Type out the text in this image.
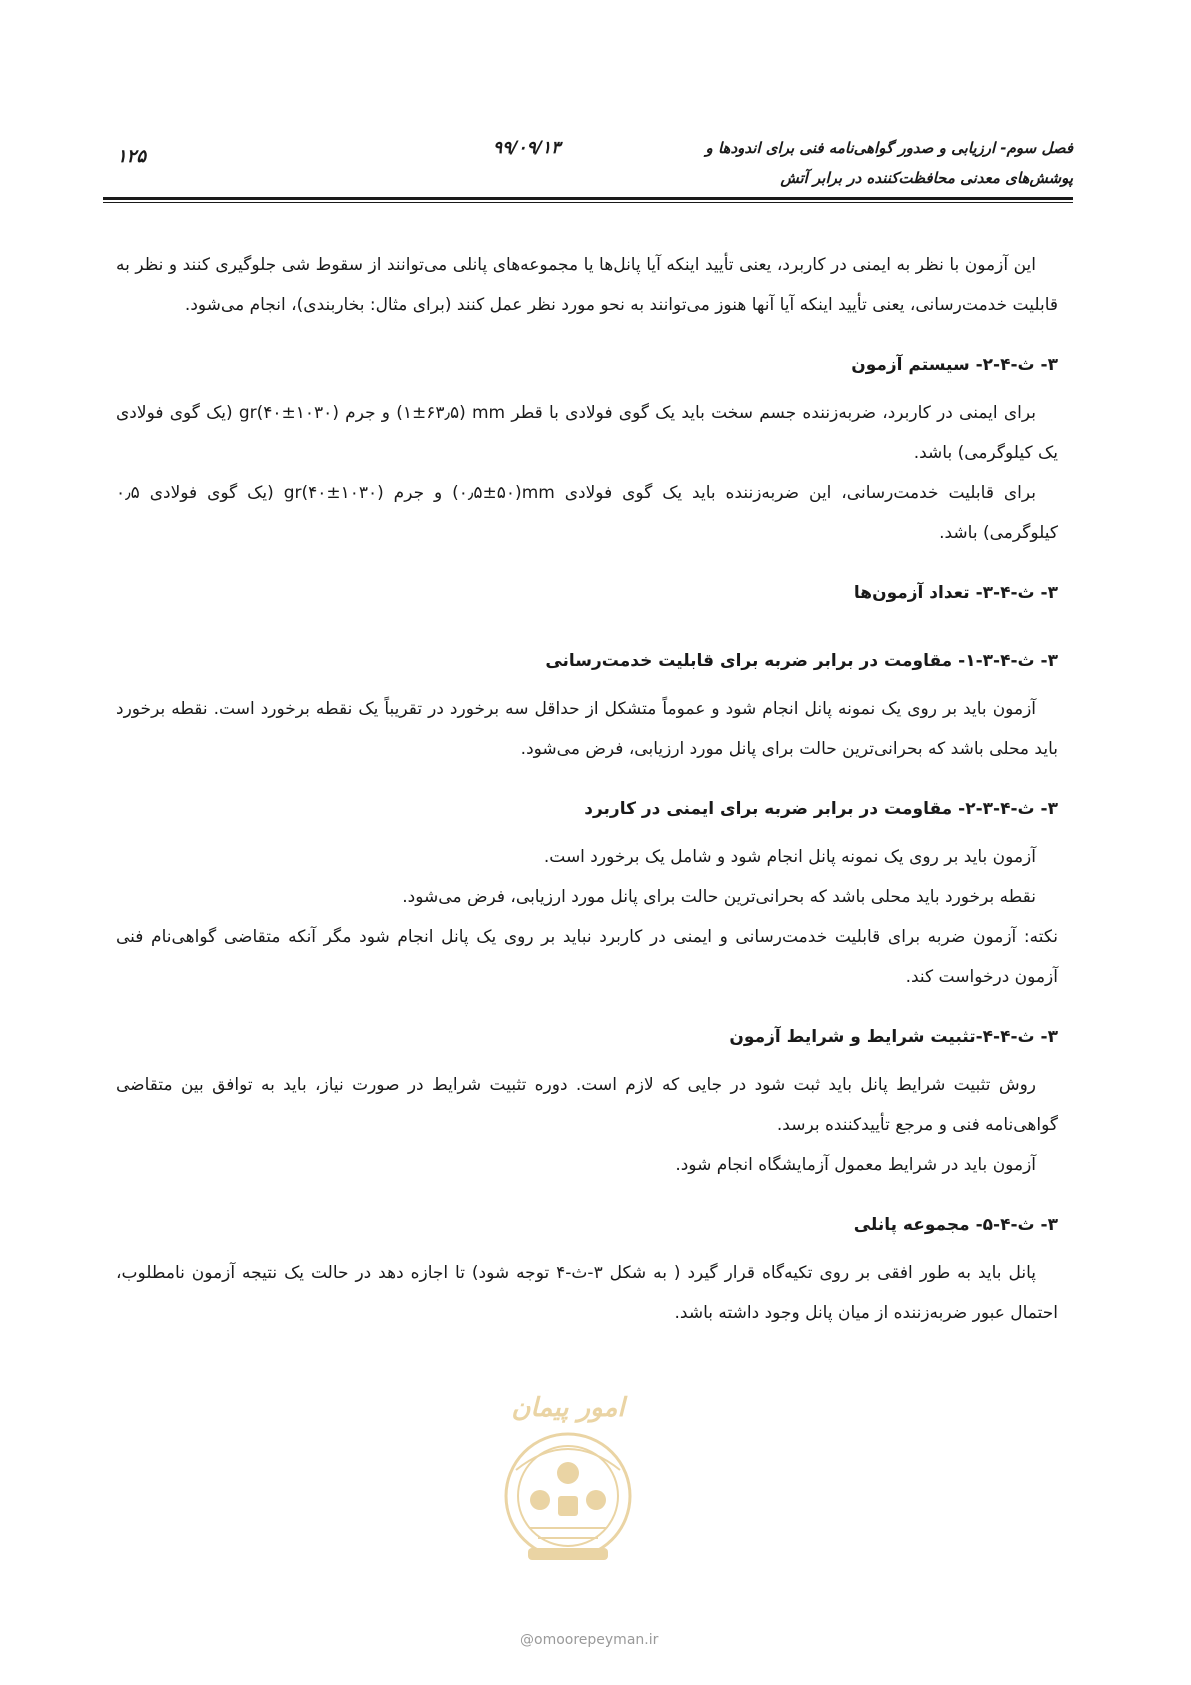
فصل سوم- ارزیابی و صدور گواهی‌نامه فنی برای اندودها و
پوشش‌های معدنی محافظت‌کننده در برابر آتش
۹۹/۰۹/۱۳
۱۲۵

این آزمون با نظر به ایمنی در کاربرد، یعنی تأیید اینکه آیا پانل‌ها یا مجموعه‌های پانلی می‌توانند از سقوط شی جلوگیری کنند و نظر به قابلیت خدمت‌رسانی، یعنی تأیید اینکه آیا آنها هنوز می‌توانند به نحو مورد نظر عمل کنند (برای مثال: بخاربندی)، انجام می‌شود.

۳- ث-۴-۲- سیستم آزمون

برای ایمنی در کاربرد، ضربه‌زننده جسم سخت باید یک گوی فولادی با قطر mm (۱±۶۳٫۵) و جرم gr(۴۰±۱۰۳۰) (یک گوی فولادی یک کیلوگرمی) باشد.

برای قابلیت خدمت‌رسانی، این ضربه‌زننده باید یک گوی فولادی mm(۰٫۵±۵۰) و جرم gr(۴۰±۱۰۳۰) (یک گوی فولادی ۰٫۵ کیلوگرمی) باشد.

۳- ث-۴-۳- تعداد آزمون‌ها

۳- ث-۴-۳-۱- مقاومت در برابر ضربه برای قابلیت خدمت‌رسانی

آزمون باید بر روی یک نمونه پانل انجام شود و عموماً متشکل از حداقل سه برخورد در تقریباً یک نقطه برخورد است. نقطه برخورد باید محلی باشد که بحرانی‌ترین حالت برای پانل مورد ارزیابی، فرض می‌شود.

۳- ث-۴-۳-۲- مقاومت در برابر ضربه برای ایمنی در کاربرد

آزمون باید بر روی یک نمونه پانل انجام شود و شامل یک برخورد است.

نقطه برخورد باید محلی باشد که بحرانی‌ترین حالت برای پانل مورد ارزیابی، فرض می‌شود.

نکته: آزمون ضربه برای قابلیت خدمت‌رسانی و ایمنی در کاربرد نباید بر روی یک پانل انجام شود مگر آنکه متقاضی گواهی‌نام فنی آزمون درخواست کند.

۳- ث-۴-۴-تثبیت شرایط و شرایط آزمون

روش تثبیت شرایط پانل باید ثبت شود در جایی که لازم است. دوره تثبیت شرایط در صورت نیاز، باید به توافق بین متقاضی گواهی‌نامه فنی و مرجع تأییدکننده برسد.

آزمون باید در شرایط معمول آزمایشگاه انجام شود.

۳- ث-۴-۵- مجموعه پانلی

پانل باید به طور افقی بر روی تکیه‌گاه قرار گیرد ( به شکل ۳-ث-۴ توجه شود) تا اجازه دهد در حالت یک نتیجه آزمون نامطلوب، احتمال عبور ضربه‌زننده از میان پانل وجود داشته باشد.

امور پیمان
@omoorepeyman.ir
